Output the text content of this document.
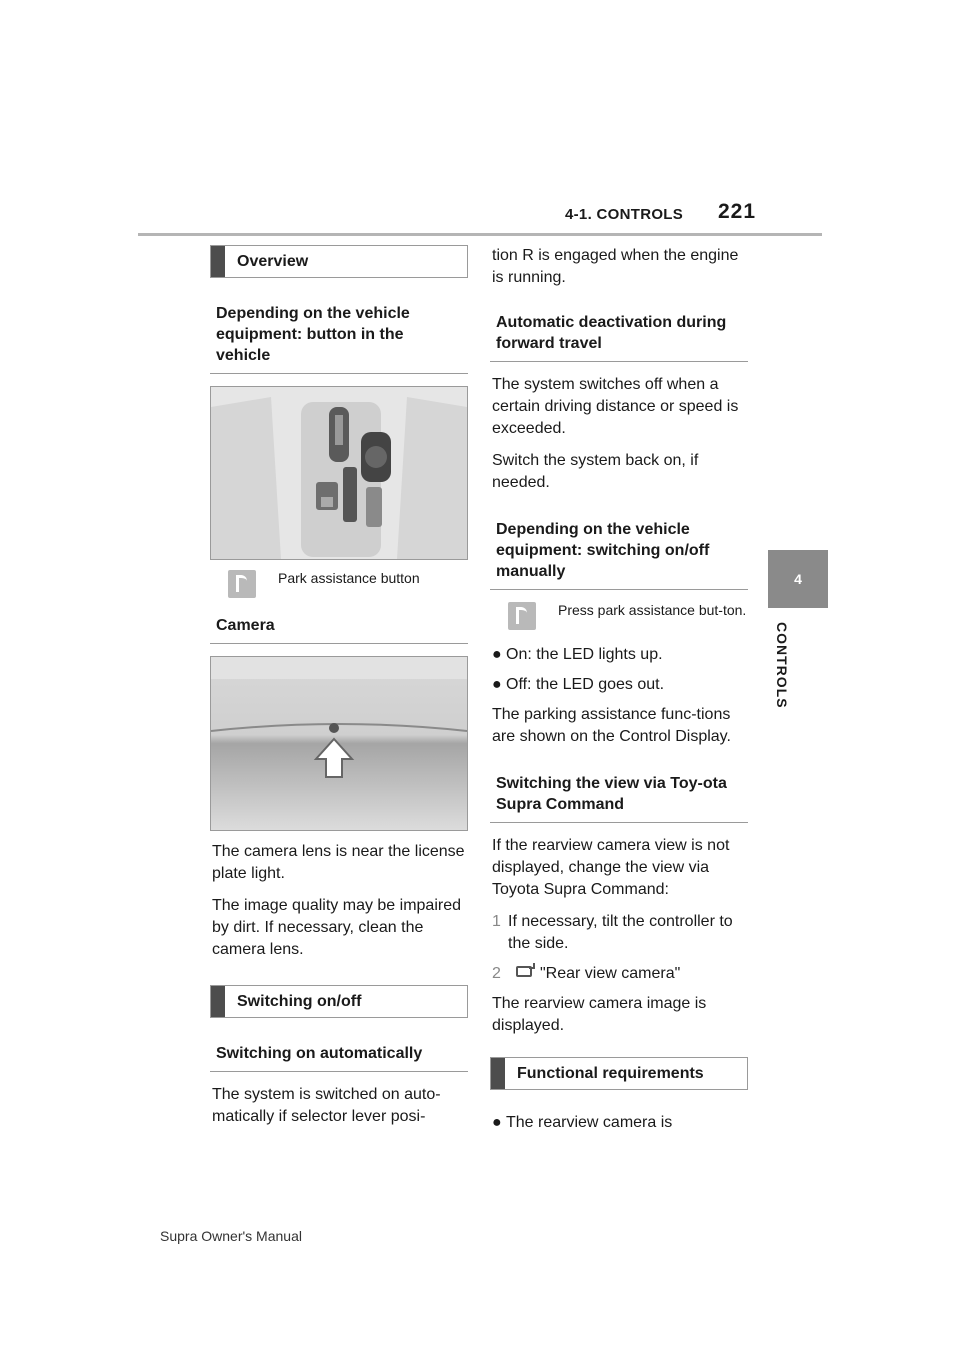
4-1. CONTROLS 221
4
CONTROLS
Overview
Depending on the vehicle equipment: button in the vehicle
Park assistance button
Camera
The camera lens is near the license plate light.
The image quality may be impaired by dirt. If necessary, clean the camera lens.
Switching on/off
Switching on automatically
The system is switched on auto-matically if selector lever posi-
tion R is engaged when the engine is running.
Automatic deactivation during forward travel
The system switches off when a certain driving distance or speed is exceeded.
Switch the system back on, if needed.
Depending on the vehicle equipment: switching on/off manually
Press park assistance but-ton.
● On: the LED lights up.
● Off: the LED goes out.
The parking assistance func-tions are shown on the Control Display.
Switching the view via Toy-ota Supra Command
If the rearview camera view is not displayed, change the view via Toyota Supra Command:
1 If necessary, tilt the controller to the side.
2	"Rear view camera"
The rearview camera image is displayed.
Functional requirements
● The rearview camera is
Supra Owner's Manual
